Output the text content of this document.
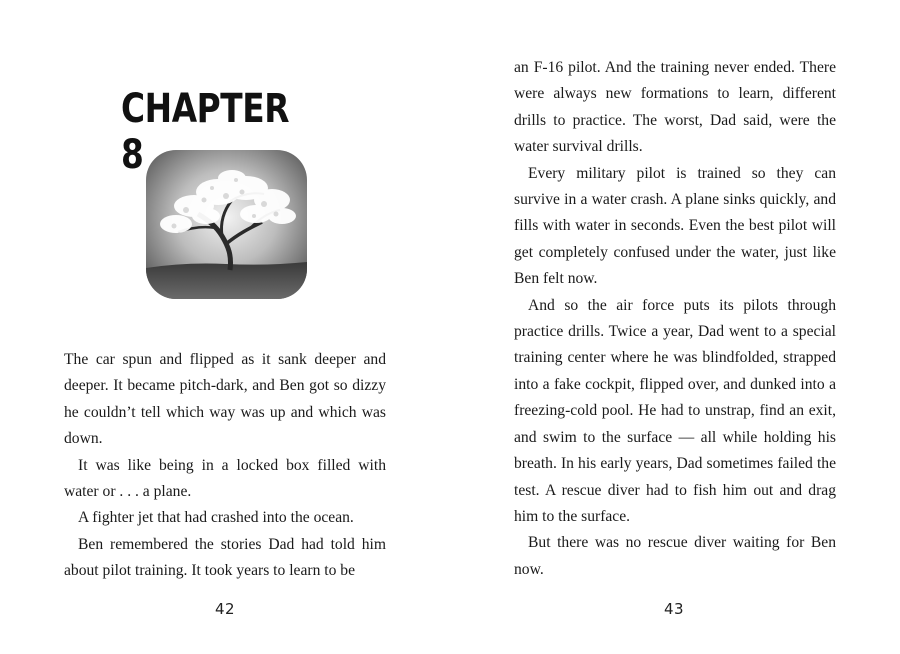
CHAPTER 8

The car spun and flipped as it sank deeper and deeper. It became pitch-dark, and Ben got so dizzy he couldn’t tell which way was up and which was down.

It was like being in a locked box filled with water or . . . a plane.

A fighter jet that had crashed into the ocean.

Ben remembered the stories Dad had told him about pilot training. It took years to learn to be

42

an F-16 pilot. And the training never ended. There were always new formations to learn, different drills to practice. The worst, Dad said, were the water survival drills.

Every military pilot is trained so they can survive in a water crash. A plane sinks quickly, and fills with water in seconds. Even the best pilot will get completely confused under the water, just like Ben felt now.

And so the air force puts its pilots through practice drills. Twice a year, Dad went to a special training center where he was blindfolded, strapped into a fake cockpit, flipped over, and dunked into a freezing-cold pool. He had to unstrap, find an exit, and swim to the surface — all while holding his breath. In his early years, Dad sometimes failed the test. A rescue diver had to fish him out and drag him to the surface.

But there was no rescue diver waiting for Ben now.

43
